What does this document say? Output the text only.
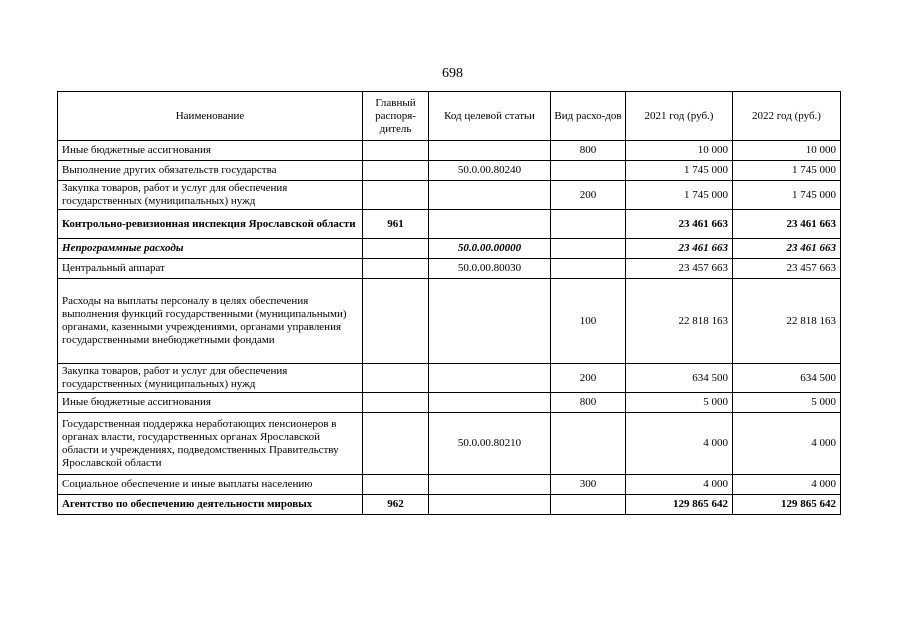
698
Наименование	Главный распоря-дитель	Код целевой статьи	Вид расхо-дов	2021 год (руб.)	2022 год (руб.)
Иные бюджетные ассигнования			800	10 000	10 000
Выполнение других обязательств государства		50.0.00.80240		1 745 000	1 745 000
Закупка товаров, работ и услуг для обеспечения государственных (муниципальных) нужд			200	1 745 000	1 745 000
Контрольно-ревизионная инспекция Ярославской области	961			23 461 663	23 461 663
Непрограммные расходы		50.0.00.00000		23 461 663	23 461 663
Центральный аппарат		50.0.00.80030		23 457 663	23 457 663
Расходы на выплаты персоналу в целях обеспечения выполнения функций государственными (муниципальными) органами, казенными учреждениями, органами управления государственными внебюджетными фондами			100	22 818 163	22 818 163
Закупка товаров, работ и услуг для обеспечения государственных (муниципальных) нужд			200	634 500	634 500
Иные бюджетные ассигнования			800	5 000	5 000
Государственная поддержка неработающих пенсионеров в органах власти, государственных органах Ярославской области и учреждениях, подведомственных Правительству Ярославской области		50.0.00.80210		4 000	4 000
Социальное обеспечение и иные выплаты населению			300	4 000	4 000
Агентство по обеспечению деятельности мировых	962			129 865 642	129 865 642
